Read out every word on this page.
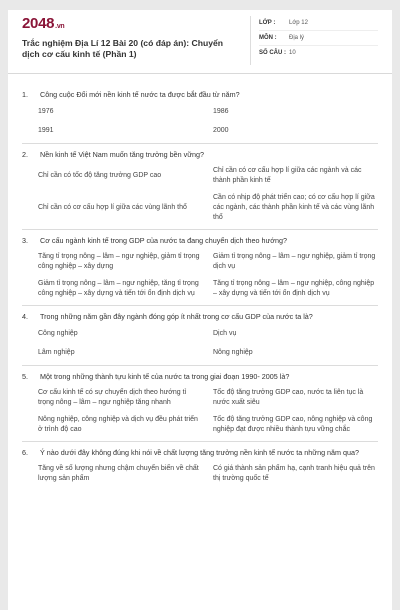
2048.vn
Trắc nghiệm Địa Lí 12 Bài 20 (có đáp án): Chuyển dịch cơ cấu kinh tế (Phần 1)
LỚP :	Lớp 12
MÔN :	Địa lý
SỐ CÂU : 10
1.	Công cuộc Đổi mới nền kinh tế nước ta được bắt đầu từ năm?
1976	1986
1991	2000
2.	Nền kinh tế Việt Nam muốn tăng trưởng bền vững?
Chỉ cần có tốc độ tăng trưởng GDP cao
Chỉ cần có cơ cấu hợp lí giữa các ngành và các thành phần kinh tế
Chỉ cần có cơ cấu hợp lí giữa các vùng lãnh thổ
Cần có nhịp độ phát triển cao; có cơ cấu hợp lí giữa các ngành, các thành phần kinh tế và các vùng lãnh thổ
3.	Cơ cấu ngành kinh tế trong GDP của nước ta đang chuyển dịch theo hướng?
Tăng tỉ trọng nông – lâm – ngư nghiệp, giảm tỉ trọng công nghiệp – xây dựng
Giảm tỉ trọng nông – lâm – ngư nghiệp, giảm tỉ trọng dịch vụ
Giảm tỉ trọng nông – lâm – ngư nghiệp, tăng tỉ trọng công nghiệp – xây dựng và tiến tới ổn định dịch vụ
Tăng tỉ trọng nông – lâm – ngư nghiệp, công nghiệp – xây dựng và tiến tới ổn định dịch vụ
4.	Trong những năm gần đây ngành đóng góp ít nhất trong cơ cấu GDP của nước ta là?
Công nghiệp	Dịch vụ
Lâm nghiệp	Nông nghiệp
5.	Một trong những thành tựu kinh tế của nước ta trong giai đoạn 1990- 2005 là?
Cơ cấu kinh tế có sự chuyển dịch theo hướng tỉ trọng nông – lâm – ngư nghiệp tăng nhanh
Tốc độ tăng trưởng GDP cao, nước ta liên tục là nước xuất siêu
Nông nghiệp, công nghiệp và dịch vụ đều phát triển ở trình độ cao
Tốc độ tăng trưởng GDP cao, nông nghiệp và công nghiệp đạt được nhiều thành tựu vững chắc
6.	Ý nào dưới đây không đúng khi nói về chất lượng tăng trưởng nền kinh tế nước ta những năm qua?
Tăng về số lượng nhưng chậm chuyển biến về chất lượng sản phẩm
Có giá thành sản phẩm hạ, cạnh tranh hiệu quả trên thị trường quốc tế
